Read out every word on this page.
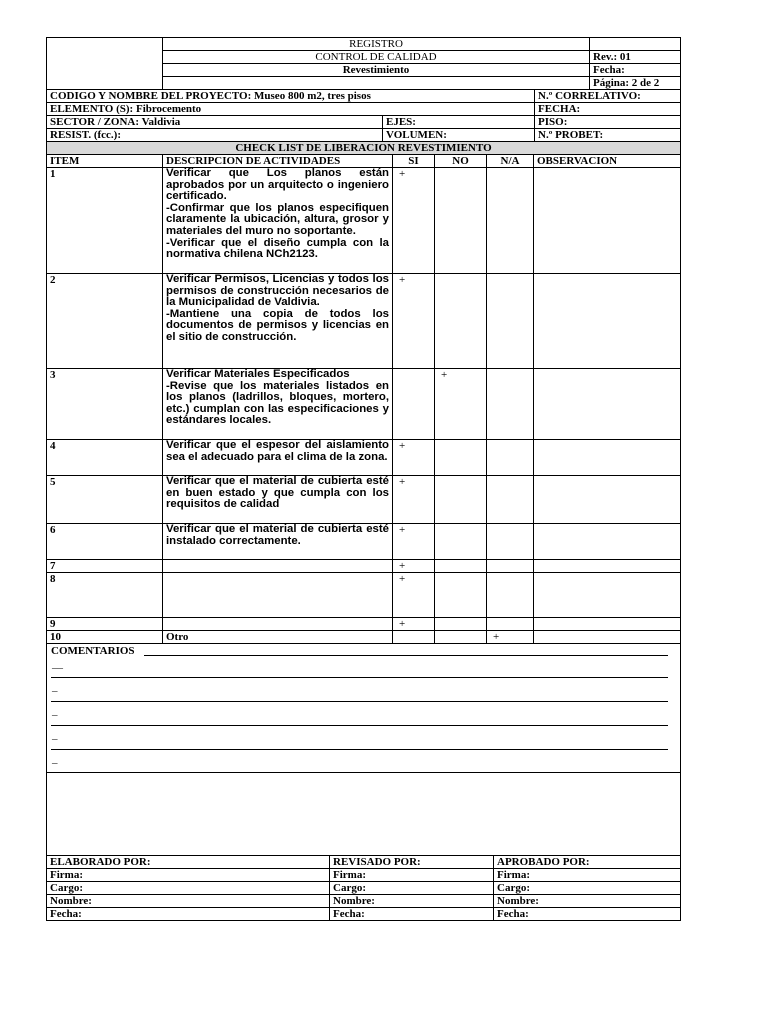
	REGISTRO	
	CONTROL DE CALIDAD	Rev.: 01
	Revestimiento	Fecha:
		Página: 2 de 2
CODIGO Y NOMBRE DEL PROYECTO: Museo 800 m2, tres pisos		N.º CORRELATIVO:
ELEMENTO (S): Fibrocemento		FECHA:
SECTOR / ZONA: Valdivia	EJES:	PISO:
RESIST. (fcc.):	VOLUMEN:	N.º PROBET:
CHECK LIST DE LIBERACION REVESTIMIENTO					
ITEM	DESCRIPCION DE ACTIVIDADES	SI	NO	N/A	OBSERVACION
1	Verificar que Los planos están aprobados por un arquitecto o ingeniero certificado.
-Confirmar que los planos especifiquen claramente la ubicación, altura, grosor y materiales del muro no soportante.
-Verificar que el diseño cumpla con la normativa chilena NCh2123.	+			
2	Verificar Permisos, Licencias y todos los permisos de construcción necesarios de la Municipalidad de Valdivia.
-Mantiene una copia de todos los documentos de permisos y licencias en el sitio de construcción.	+			
3	Verificar Materiales Especificados
-Revise que los materiales listados en los planos (ladrillos, bloques, mortero, etc.) cumplan con las especificaciones y estándares locales.		+		
4	Verificar que el espesor del aislamiento sea el adecuado para el clima de la zona.	+			
5	Verificar que el material de cubierta esté en buen estado y que cumpla con los requisitos de calidad	+			
6	Verificar que el material de cubierta esté instalado correctamente.	+			
7		+			
8		+			
9		+			
10	Otro			+	
COMENTARIOS
__
_
_
_
_
ELABORADO POR:	REVISADO POR:	APROBADO POR:
Firma:	Firma:	Firma:
Cargo:	Cargo:	Cargo:
Nombre:	Nombre:	Nombre:
Fecha:	Fecha:	Fecha:
